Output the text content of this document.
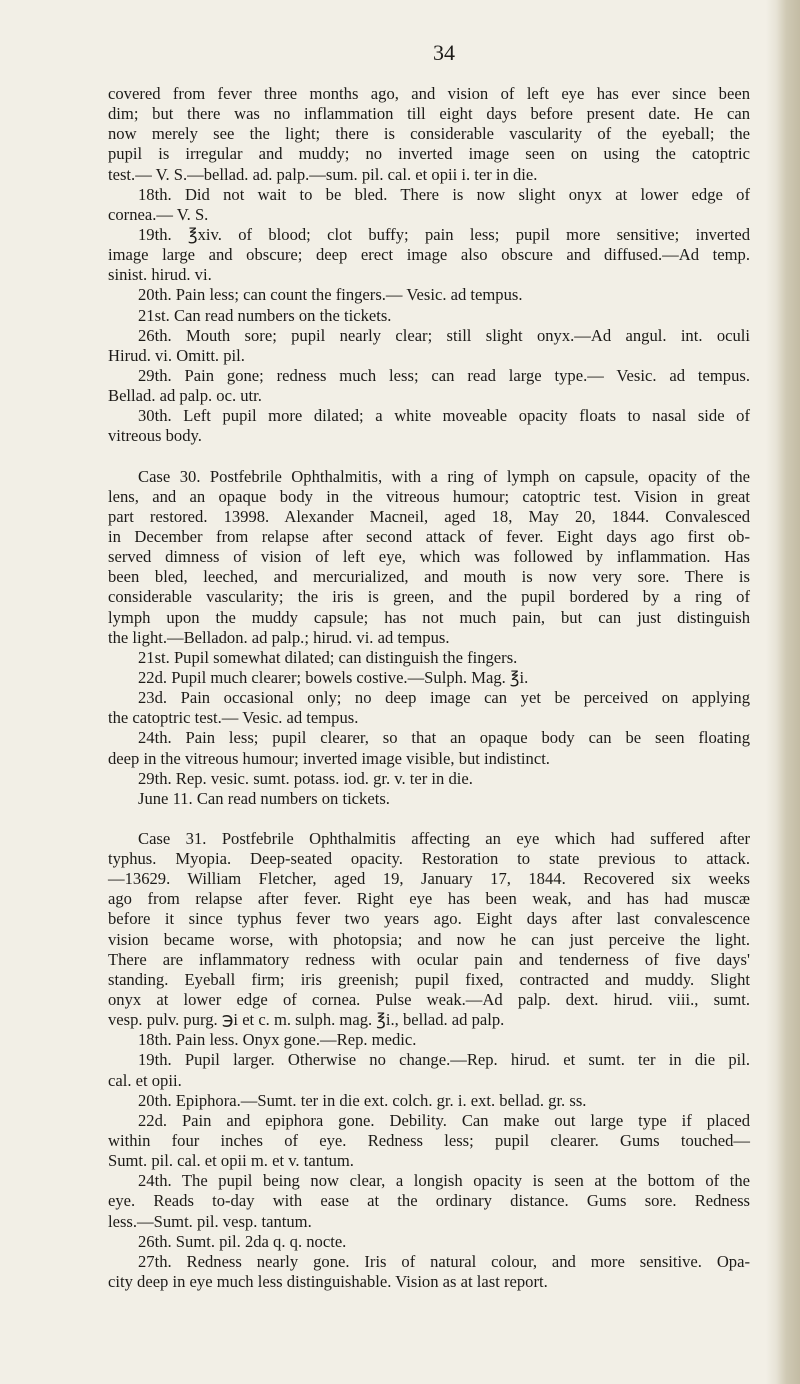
34
covered from fever three months ago, and vision of left eye has ever since been
dim; but there was no inflammation till eight days before present date. He can
now merely see the light; there is considerable vascularity of the eyeball; the
pupil is irregular and muddy; no inverted image seen on using the catoptric
test.— V. S.—bellad. ad. palp.—sum. pil. cal. et opii i. ter in die.
18th. Did not wait to be bled. There is now slight onyx at lower edge of
cornea.— V. S.
19th. ℥xiv. of blood; clot buffy; pain less; pupil more sensitive; inverted
image large and obscure; deep erect image also obscure and diffused.—Ad temp.
sinist. hirud. vi.
20th. Pain less; can count the fingers.— Vesic. ad tempus.
21st. Can read numbers on the tickets.
26th. Mouth sore; pupil nearly clear; still slight onyx.—Ad angul. int. oculi
Hirud. vi. Omitt. pil.
29th. Pain gone; redness much less; can read large type.— Vesic. ad tempus.
Bellad. ad palp. oc. utr.
30th. Left pupil more dilated; a white moveable opacity floats to nasal side of
vitreous body.
Case 30. Postfebrile Ophthalmitis, with a ring of lymph on capsule, opacity of the
lens, and an opaque body in the vitreous humour; catoptric test. Vision in great
part restored. 13998. Alexander Macneil, aged 18, May 20, 1844. Convalesced
in December from relapse after second attack of fever. Eight days ago first ob-
served dimness of vision of left eye, which was followed by inflammation. Has
been bled, leeched, and mercurialized, and mouth is now very sore. There is
considerable vascularity; the iris is green, and the pupil bordered by a ring of
lymph upon the muddy capsule; has not much pain, but can just distinguish
the light.—Belladon. ad palp.; hirud. vi. ad tempus.
21st. Pupil somewhat dilated; can distinguish the fingers.
22d. Pupil much clearer; bowels costive.—Sulph. Mag. ℥i.
23d. Pain occasional only; no deep image can yet be perceived on applying
the catoptric test.— Vesic. ad tempus.
24th. Pain less; pupil clearer, so that an opaque body can be seen floating
deep in the vitreous humour; inverted image visible, but indistinct.
29th. Rep. vesic. sumt. potass. iod. gr. v. ter in die.
June 11. Can read numbers on tickets.
Case 31. Postfebrile Ophthalmitis affecting an eye which had suffered after
typhus. Myopia. Deep-seated opacity. Restoration to state previous to attack.
—13629. William Fletcher, aged 19, January 17, 1844. Recovered six weeks
ago from relapse after fever. Right eye has been weak, and has had muscæ
before it since typhus fever two years ago. Eight days after last convalescence
vision became worse, with photopsia; and now he can just perceive the light.
There are inflammatory redness with ocular pain and tenderness of five days'
standing. Eyeball firm; iris greenish; pupil fixed, contracted and muddy. Slight
onyx at lower edge of cornea. Pulse weak.—Ad palp. dext. hirud. viii., sumt.
vesp. pulv. purg. ℈i et c. m. sulph. mag. ℥i., bellad. ad palp.
18th. Pain less. Onyx gone.—Rep. medic.
19th. Pupil larger. Otherwise no change.—Rep. hirud. et sumt. ter in die pil.
cal. et opii.
20th. Epiphora.—Sumt. ter in die ext. colch. gr. i. ext. bellad. gr. ss.
22d. Pain and epiphora gone. Debility. Can make out large type if placed
within four inches of eye. Redness less; pupil clearer. Gums touched—
Sumt. pil. cal. et opii m. et v. tantum.
24th. The pupil being now clear, a longish opacity is seen at the bottom of the
eye. Reads to-day with ease at the ordinary distance. Gums sore. Redness
less.—Sumt. pil. vesp. tantum.
26th. Sumt. pil. 2da q. q. nocte.
27th. Redness nearly gone. Iris of natural colour, and more sensitive. Opa-
city deep in eye much less distinguishable. Vision as at last report.
